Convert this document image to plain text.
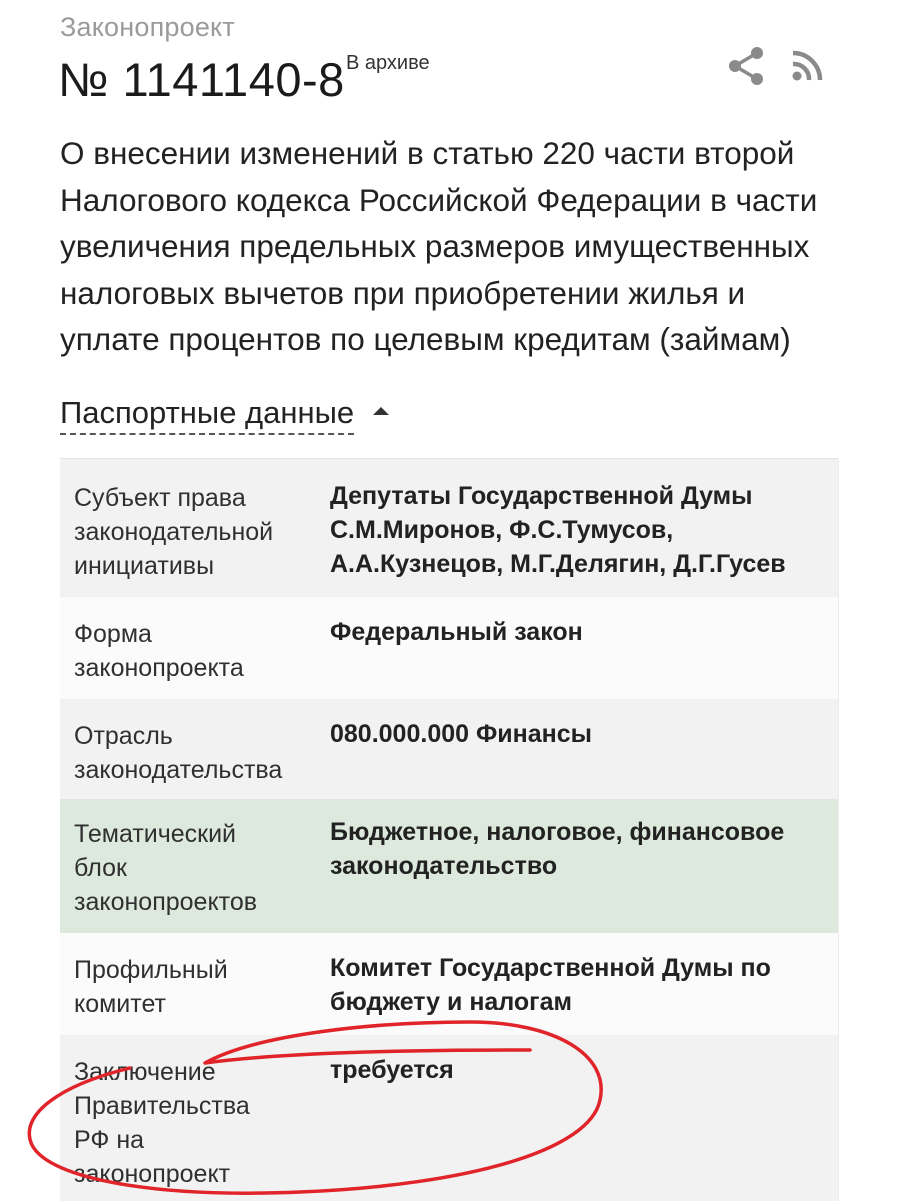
Законопроект
№ 1141140-8 В архиве
О внесении изменений в статью 220 части второй Налогового кодекса Российской Федерации в части увеличения предельных размеров имущественных налоговых вычетов при приобретении жилья и уплате процентов по целевым кредитам (займам)
Паспортные данные
Субъект права
законодательной
инициативы
Депутаты Государственной Думы
С.М.Миронов, Ф.С.Тумусов,
А.А.Кузнецов, М.Г.Делягин, Д.Г.Гусев
Форма
законопроекта
Федеральный закон
Отрасль
законодательства
080.000.000 Финансы
Тематический
блок
законопроектов
Бюджетное, налоговое, финансовое
законодательство
Профильный
комитет
Комитет Государственной Думы по
бюджету и налогам
Заключение
Правительства
РФ на
законопроект
требуется
